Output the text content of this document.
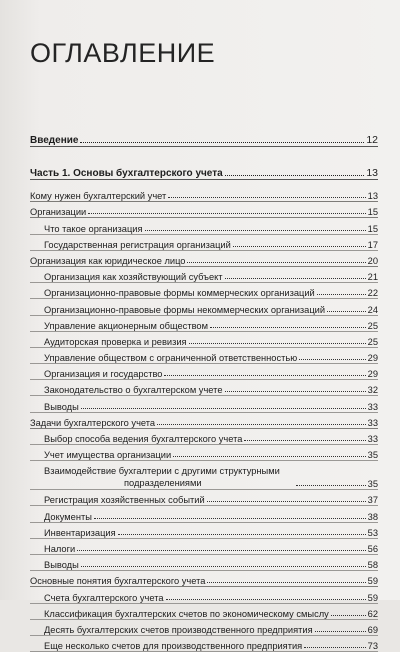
ОГЛАВЛЕНИЕ
Введение	12
Часть 1. Основы бухгалтерского учета	13
Кому нужен бухгалтерский учет	13
Организации	15
Что такое организация	15
Государственная регистрация организаций	17
Организация как юридическое лицо	20
Организация как хозяйствующий субъект	21
Организационно-правовые формы коммерческих организаций	22
Организационно-правовые формы некоммерческих организаций	24
Управление акционерным обществом	25
Аудиторская проверка и ревизия	25
Управление обществом с ограниченной ответственностью	29
Организация и государство	29
Законодательство о бухгалтерском учете	32
Выводы	33
Задачи бухгалтерского учета	33
Выбор способа ведения бухгалтерского учета	33
Учет имущества организации	35
Взаимодействие бухгалтерии с другими структурными
подразделениями	35
Регистрация хозяйственных событий	37
Документы	38
Инвентаризация	53
Налоги	56
Выводы	58
Основные понятия бухгалтерского учета	59
Счета бухгалтерского учета	59
Классификация бухгалтерских счетов по экономическому смыслу	62
Десять бухгалтерских счетов производственного предприятия	69
Еще несколько счетов для производственного предприятия	73
